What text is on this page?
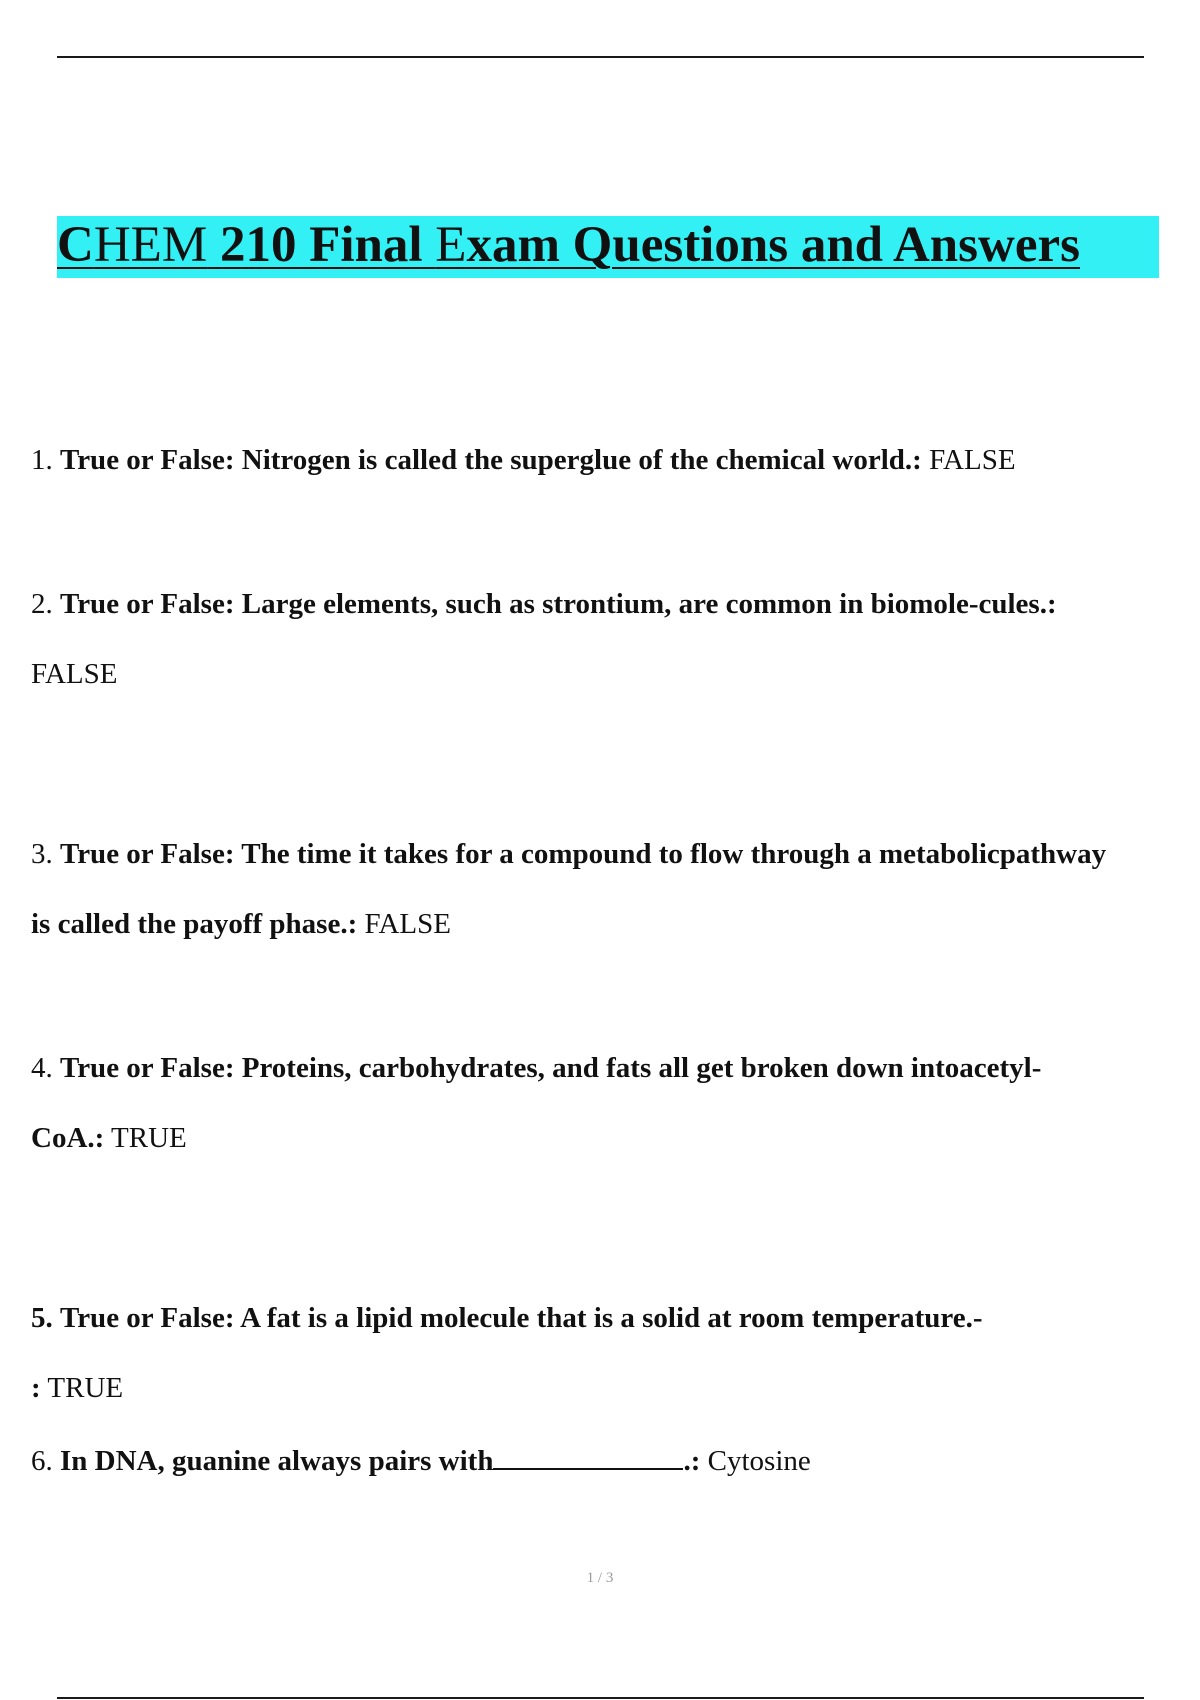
CHEM 210 Final Exam Questions and Answers
1. True or False: Nitrogen is called the superglue of the chemical world.: FALSE
2. True or False: Large elements, such as strontium, are common in biomole-cules.:
FALSE
3. True or False: The time it takes for a compound to flow through a metabolicpathway
is called the payoff phase.: FALSE
4. True or False: Proteins, carbohydrates, and fats all get broken down intoacetyl-
CoA.: TRUE
5. True or False: A fat is a lipid molecule that is a solid at room temperature.-
: TRUE
6. In DNA, guanine always pairs with	.: Cytosine
1 / 3
